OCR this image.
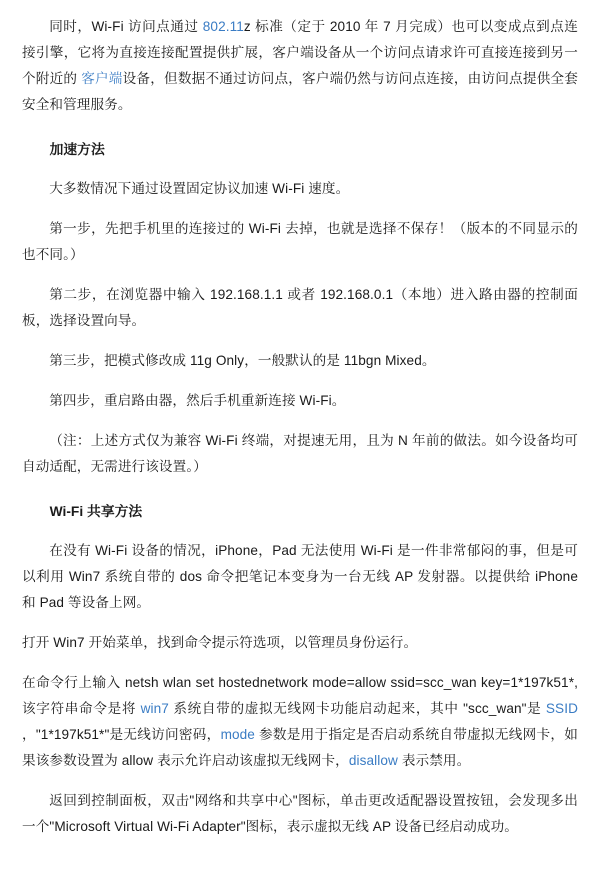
同时，Wi-Fi 访问点通过 802.11z 标准（定于 2010 年 7 月完成）也可以变成点到点连接引擎，它将为直接连接配置提供扩展，客户端设备从一个访问点请求许可直接连接到另一个附近的 客户端设备，但数据不通过访问点，客户端仍然与访问点连接，由访问点提供全套安全和管理服务。

加速方法

大多数情况下通过设置固定协议加速 Wi-Fi 速度。

第一步，先把手机里的连接过的 Wi-Fi 去掉，也就是选择不保存！（版本的不同显示的也不同。）

第二步，在浏览器中输入 192.168.1.1 或者 192.168.0.1（本地）进入路由器的控制面板，选择设置向导。

第三步，把模式修改成 11g Only，一般默认的是 11bgn Mixed。

第四步，重启路由器，然后手机重新连接 Wi-Fi。

（注：上述方式仅为兼容 Wi-Fi 终端，对提速无用，且为 N 年前的做法。如今设备均可自动适配，无需进行该设置。）

Wi-Fi 共享方法

在没有 Wi-Fi 设备的情况，iPhone，Pad 无法使用 Wi-Fi 是一件非常郁闷的事，但是可以利用 Win7 系统自带的 dos 命令把笔记本变身为一台无线 AP 发射器。以提供给 iPhone 和 Pad 等设备上网。

打开 Win7 开始菜单，找到命令提示符选项，以管理员身份运行。

在命令行上输入 netsh wlan set hostednetwork mode=allow ssid=scc_wan key=1*197k51*,该字符串命令是将 win7 系统自带的虚拟无线网卡功能启动起来，其中 "scc_wan"是 SSID ，"1*197k51*"是无线访问密码，mode 参数是用于指定是否启动系统自带虚拟无线网卡，如果该参数设置为 allow 表示允许启动该虚拟无线网卡，disallow 表示禁用。

返回到控制面板，双击"网络和共享中心"图标，单击更改适配器设置按钮，会发现多出一个"Microsoft Virtual Wi-Fi Adapter"图标，表示虚拟无线 AP 设备已经启动成功。
